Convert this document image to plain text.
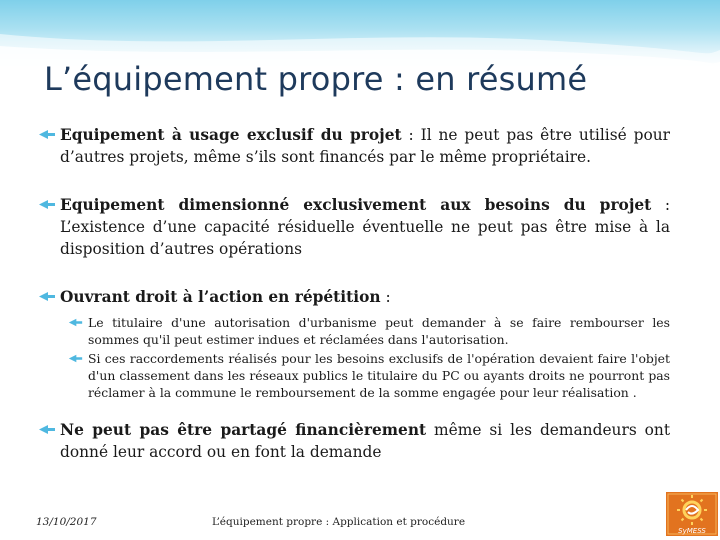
L’équipement propre : en résumé

Equipement à usage exclusif du projet : Il ne peut pas être utilisé pour d’autres projets, même s’ils sont financés par le même propriétaire.

Equipement dimensionné exclusivement aux besoins du projet : L’existence d’une capacité résiduelle éventuelle ne peut pas être mise à la disposition d’autres opérations

Ouvrant droit à l’action en répétition :

Le titulaire d'une autorisation d'urbanisme peut demander à se faire rembourser les sommes qu'il peut estimer indues et réclamées dans l'autorisation.

Si ces raccordements réalisés pour les besoins exclusifs de l'opération devaient faire l'objet d'un classement dans les réseaux publics le titulaire du PC ou ayants droits ne pourront pas réclamer à la commune le remboursement de la somme engagée pour leur réalisation .

Ne peut pas être partagé financièrement même si les demandeurs ont donné leur accord ou en font la demande

13/10/2017	L’équipement propre : Application et procédure
SyMESS
